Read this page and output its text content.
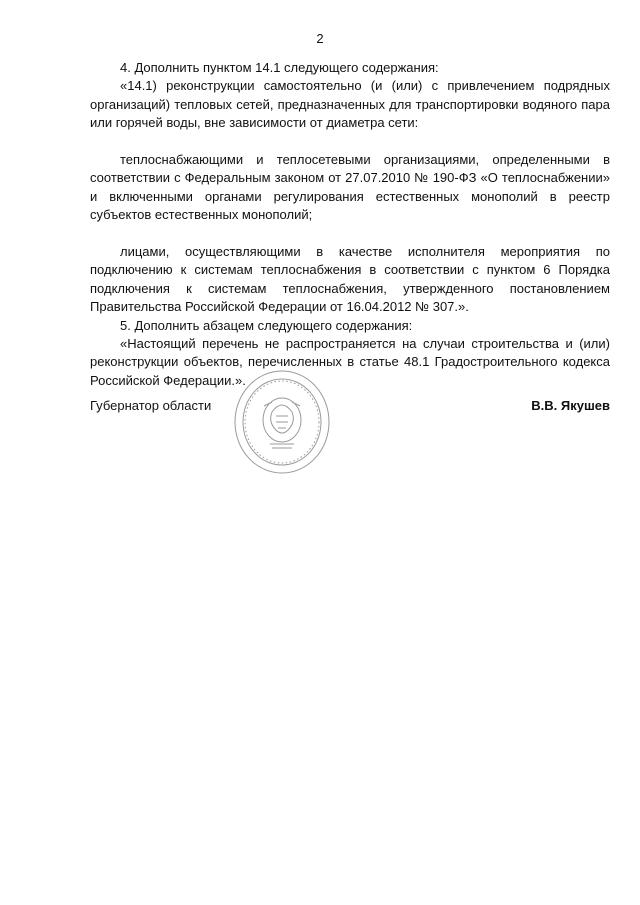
2

4. Дополнить пунктом 14.1 следующего содержания:

«14.1) реконструкции самостоятельно (и (или) с привлечением подрядных организаций) тепловых сетей, предназначенных для транспортировки водяного пара или горячей воды, вне зависимости от диаметра сети:

теплоснабжающими и теплосетевыми организациями, определенными в соответствии с Федеральным законом от 27.07.2010 № 190-ФЗ «О теплоснабжении» и включенными органами регулирования естественных монополий в реестр субъектов естественных монополий;

лицами, осуществляющими в качестве исполнителя мероприятия по подключению к системам теплоснабжения в соответствии с пунктом 6 Порядка подключения к системам теплоснабжения, утвержденного постановлением Правительства Российской Федерации от 16.04.2012 № 307.».

5. Дополнить абзацем следующего содержания:

«Настоящий перечень не распространяется на случаи строительства и (или) реконструкции объектов, перечисленных в статье 48.1 Градостроительного кодекса Российской Федерации.».

Губернатор области	В.В. Якушев
